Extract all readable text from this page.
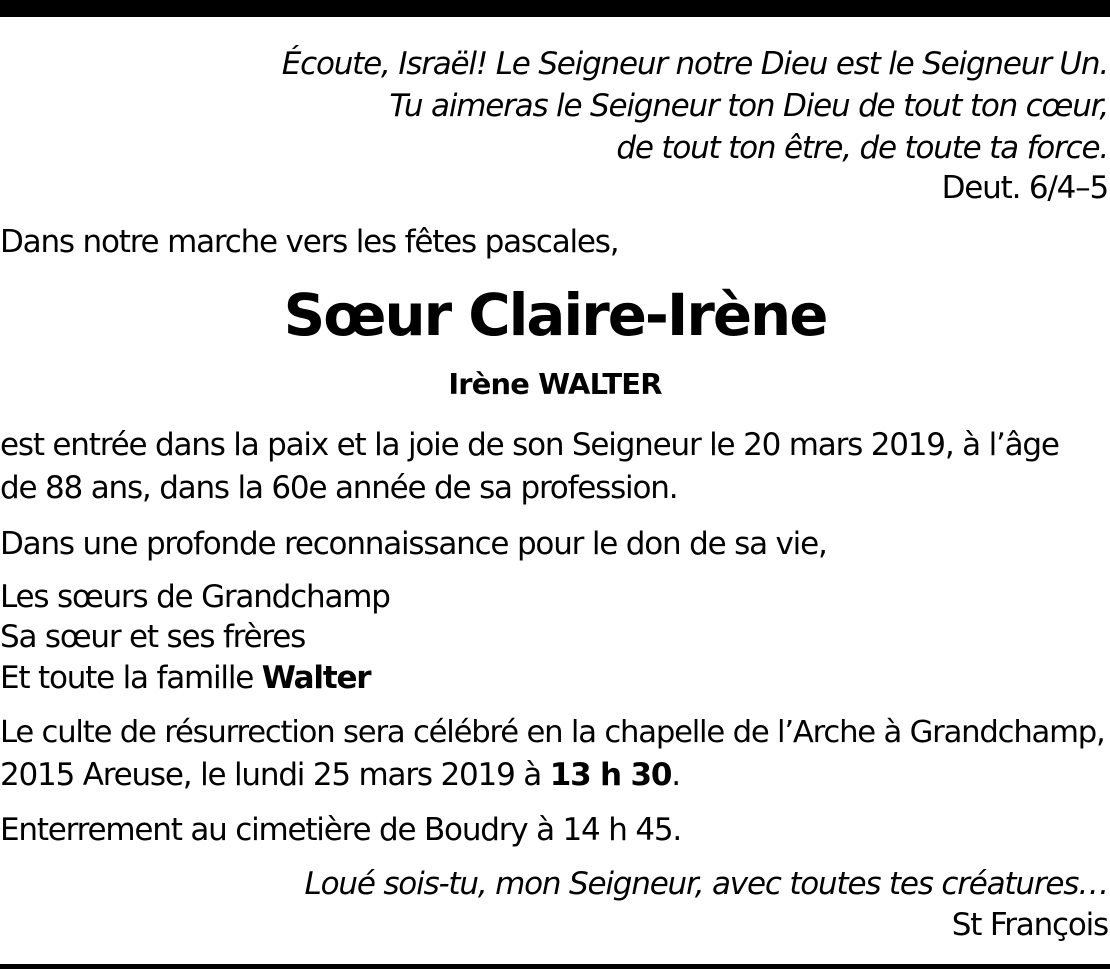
Écoute, Israël! Le Seigneur notre Dieu est le Seigneur Un.
Tu aimeras le Seigneur ton Dieu de tout ton cœur,
de tout ton être, de toute ta force.
Deut. 6/4–5
Dans notre marche vers les fêtes pascales,
Sœur Claire-Irène
Irène WALTER
est entrée dans la paix et la joie de son Seigneur le 20 mars 2019, à l’âge
de 88 ans, dans la 60e année de sa profession.
Dans une profonde reconnaissance pour le don de sa vie,
Les sœurs de Grandchamp
Sa sœur et ses frères
Et toute la famille Walter
Le culte de résurrection sera célébré en la chapelle de l’Arche à Grandchamp,
2015 Areuse, le lundi 25 mars 2019 à 13 h 30.
Enterrement au cimetière de Boudry à 14 h 45.
Loué sois-tu, mon Seigneur, avec toutes tes créatures…
St François
